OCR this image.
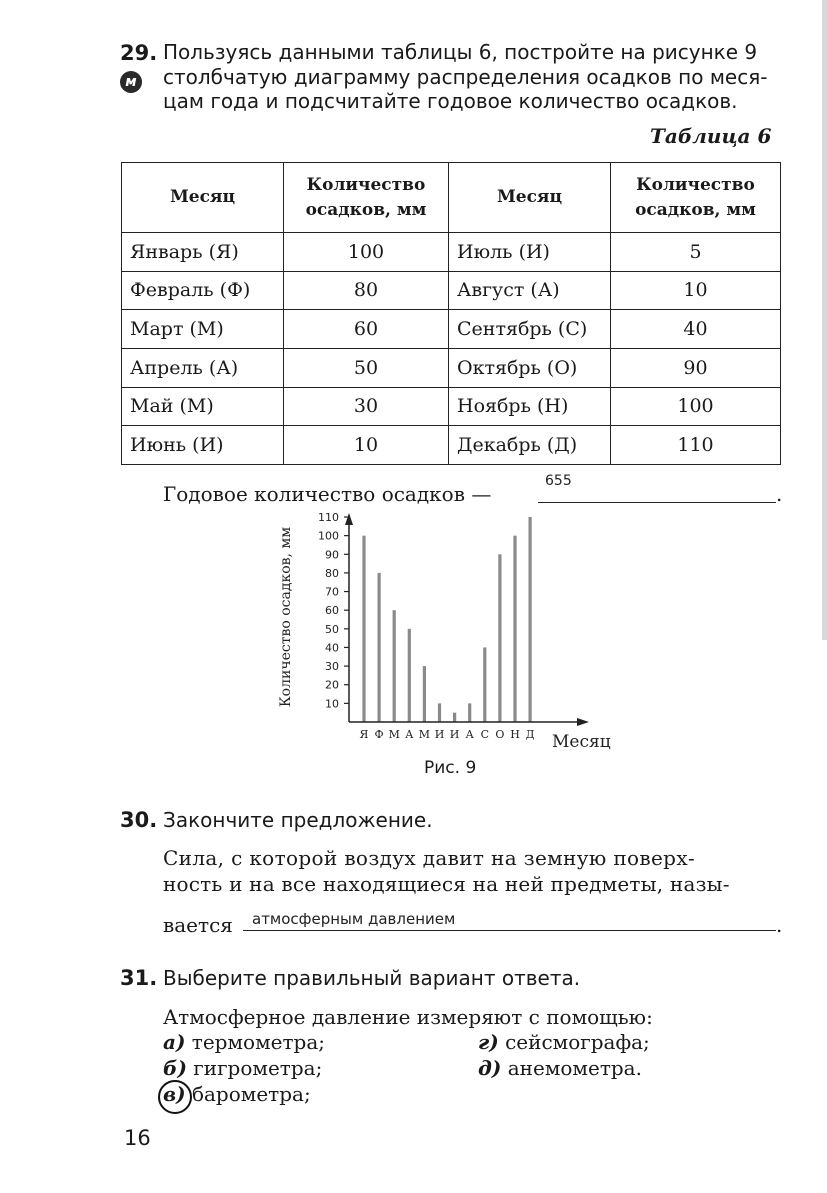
29. Пользуясь данными таблицы 6, постройте на рисунке 9
м столбчатую диаграмму распределения осадков по меся-
цам года и подсчитайте годовое количество осадков.
Таблица 6
Месяц	Количество осадков, мм	Месяц	Количество осадков, мм
Январь (Я)	100	Июль (И)	5
Февраль (Ф)	80	Август (А)	10
Март (М)	60	Сентябрь (С)	40
Апрель (А)	50	Октябрь (О)	90
Май (М)	30	Ноябрь (Н)	100
Июнь (И)	10	Декабрь (Д)	110
Годовое количество осадков —
655
.
10
20
30
40
50
60
70
80
90
100
110
Я Ф М А М И И А С О Н Д
Количество осадков, мм
Месяц
Рис. 9
30. Закончите предложение.
Сила, с которой воздух давит на земную поверх-
ность и на все находящиеся на ней предметы, назы-
вается атмосферным давлением	.
31. Выберите правильный вариант ответа.
Атмосферное давление измеряют с помощью:
а) термометра;
б) гигрометра;
в) барометра;
г) сейсмографа;
д) анемометра.
16
